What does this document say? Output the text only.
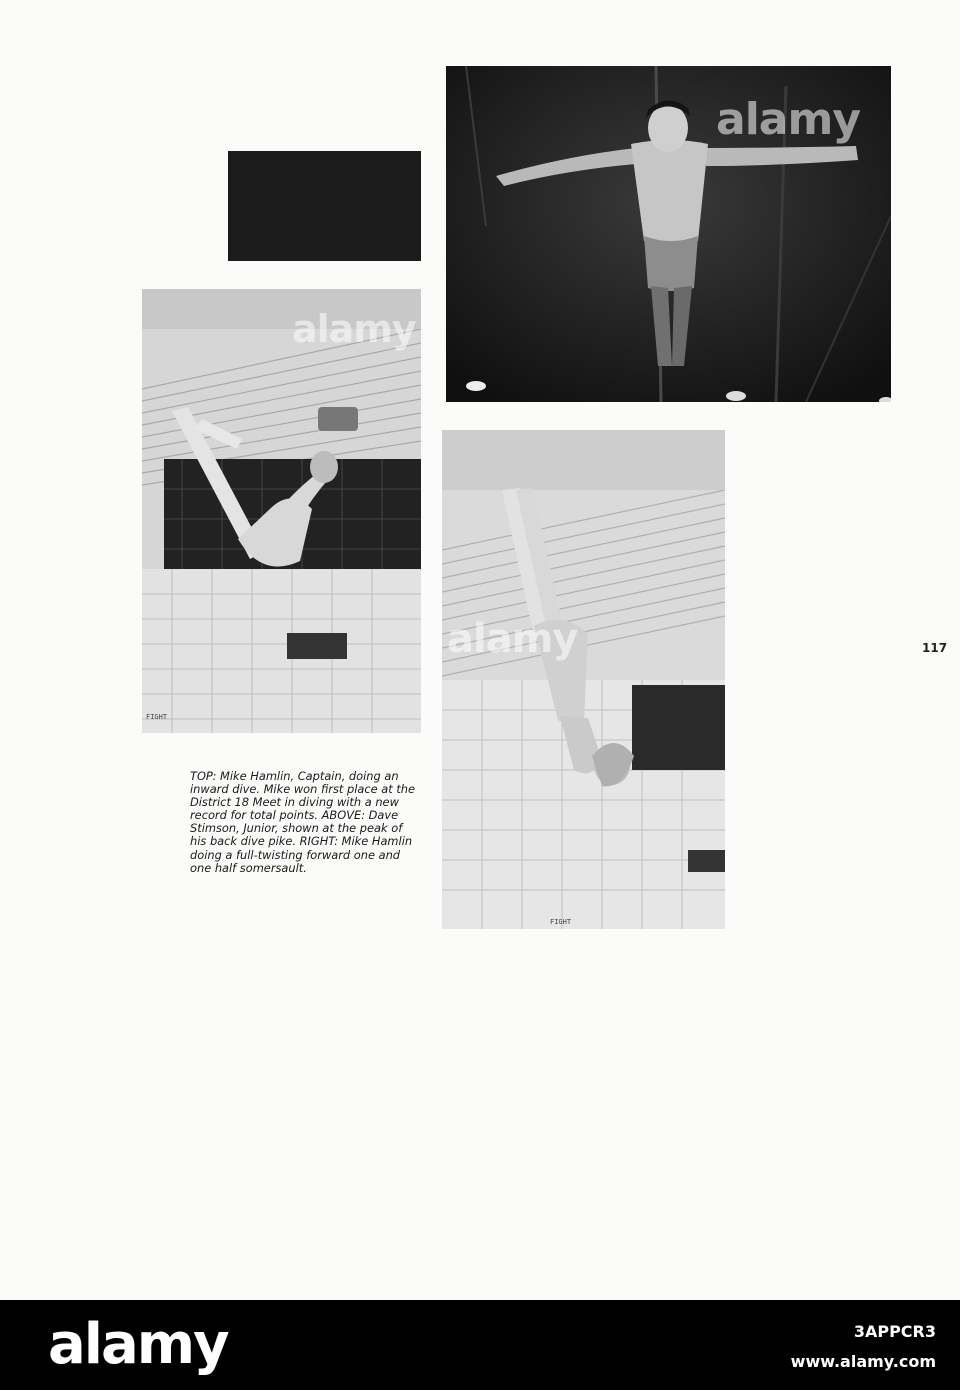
alamy
alamy
FIGHT
alamy
FIGHT
TOP: Mike Hamlin, Captain, doing an inward dive. Mike won first place at the District 18 Meet in diving with a new record for total points. ABOVE: Dave Stimson, Junior, shown at the peak of his back dive pike. RIGHT: Mike Hamlin doing a full-twisting forward one and one half somersault.
117
alamy	3APPCR3
www.alamy.com
